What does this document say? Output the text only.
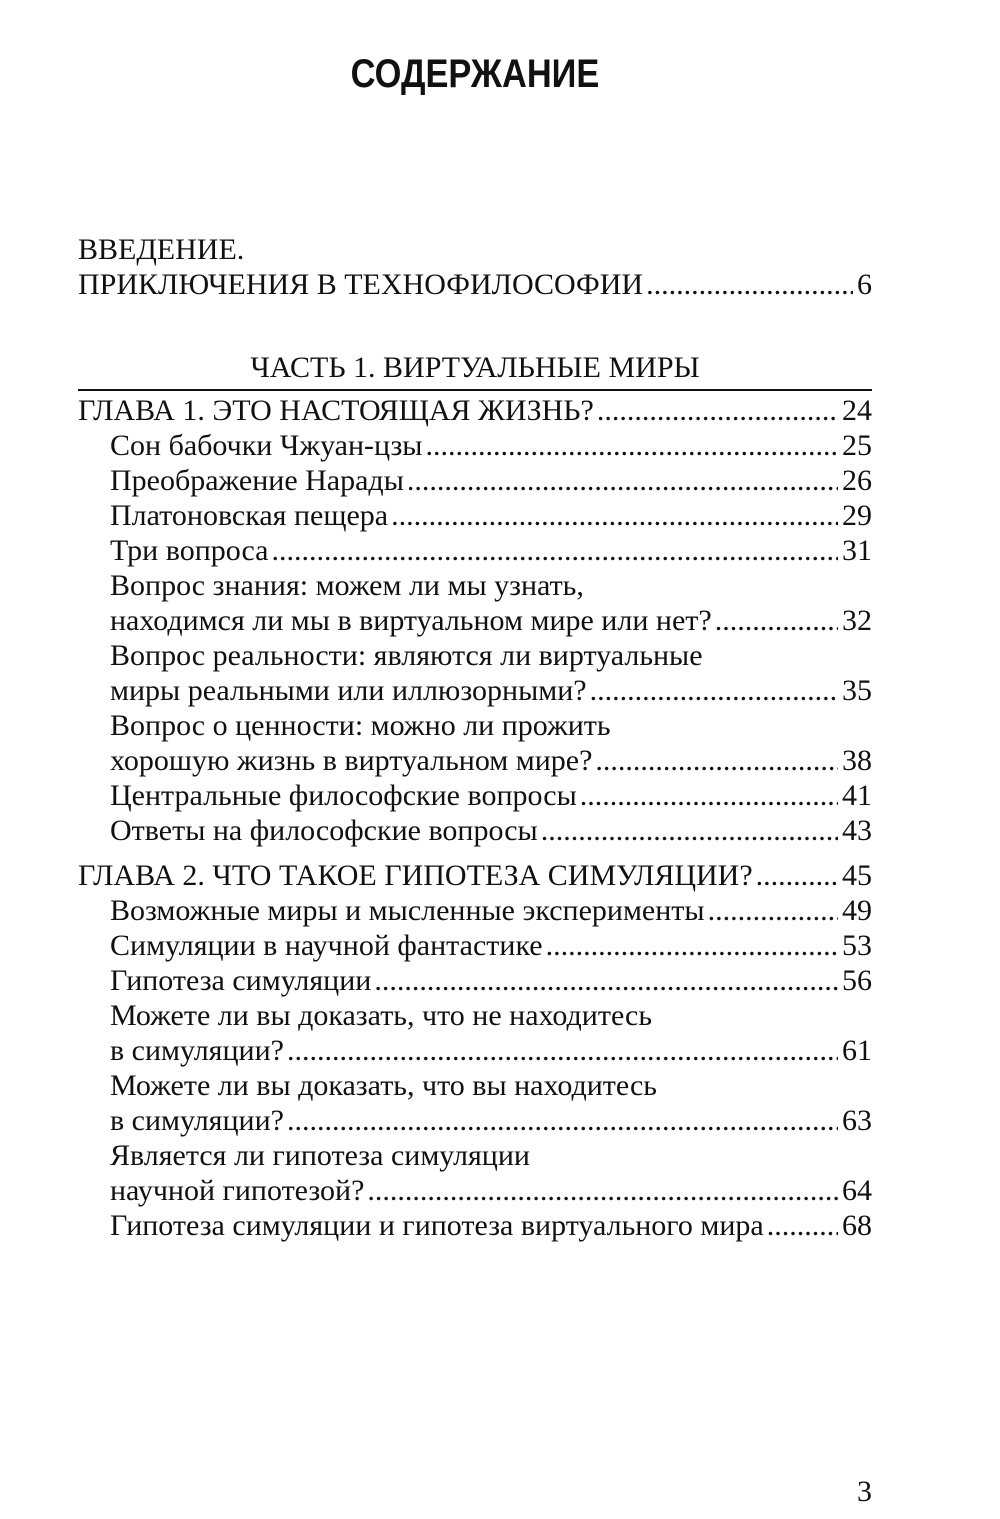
СОДЕРЖАНИЕ
ВВЕДЕНИЕ.
ПРИКЛЮЧЕНИЯ В ТЕХНОФИЛОСОФИИ .....	6
ЧАСТЬ 1. ВИРТУАЛЬНЫЕ МИРЫ
ГЛАВА 1. ЭТО НАСТОЯЩАЯ ЖИЗНЬ? .....	24
Сон бабочки Чжуан-цзы .....	25
Преображение Нарады .....	26
Платоновская пещера .....	29
Три вопроса .....	31
Вопрос знания: можем ли мы узнать,
находимся ли мы в виртуальном мире или нет? .....	32
Вопрос реальности: являются ли виртуальные
миры реальными или иллюзорными? .....	35
Вопрос о ценности: можно ли прожить
хорошую жизнь в виртуальном мире? .....	38
Центральные философские вопросы .....	41
Ответы на философские вопросы .....	43
ГЛАВА 2. ЧТО ТАКОЕ ГИПОТЕЗА СИМУЛЯЦИИ? .....	45
Возможные миры и мысленные эксперименты .....	49
Симуляции в научной фантастике .....	53
Гипотеза симуляции .....	56
Можете ли вы доказать, что не находитесь
в симуляции? .....	61
Можете ли вы доказать, что вы находитесь
в симуляции? .....	63
Является ли гипотеза симуляции
научной гипотезой? .....	64
Гипотеза симуляции и гипотеза виртуального мира .....	68
3
